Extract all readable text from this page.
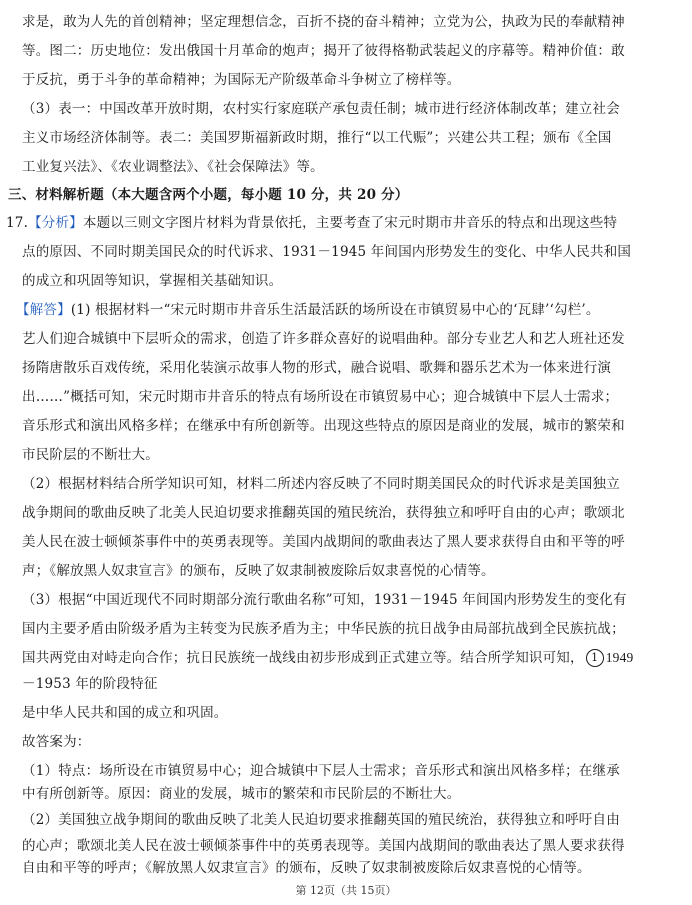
求是，敢为人先的首创精神；坚定理想信念，百折不挠的奋斗精神；立党为公，执政为民的奉献精神
等。图二：历史地位：发出俄国十月革命的炮声；揭开了彼得格勒武装起义的序幕等。精神价值：敢
于反抗，勇于斗争的革命精神；为国际无产阶级革命斗争树立了榜样等。
（3）表一：中国改革开放时期，农村实行家庭联产承包责任制；城市进行经济体制改革；建立社会
主义市场经济体制等。表二：美国罗斯福新政时期，推行“以工代赈”；兴建公共工程；颁布《全国
工业复兴法》、《农业调整法》、《社会保障法》等。
三、材料解析题（本大题含两个小题，每小题 10 分，共 20 分）
17.【分析】本题以三则文字图片材料为背景依托，主要考查了宋元时期市井音乐的特点和出现这些特
点的原因、不同时期美国民众的时代诉求、1931－1945 年间国内形势发生的变化、中华人民共和国
的成立和巩固等知识，掌握相关基础知识。
【解答】(1) 根据材料一“宋元时期市井音乐生活最活跃的场所设在市镇贸易中心的‘瓦肆’‘勾栏’。
艺人们迎合城镇中下层听众的需求，创造了许多群众喜好的说唱曲种。部分专业艺人和艺人班社还发
扬隋唐散乐百戏传统，采用化装演示故事人物的形式，融合说唱、歌舞和器乐艺术为一体来进行演
出……”概括可知，宋元时期市井音乐的特点有场所设在市镇贸易中心；迎合城镇中下层人士需求；
音乐形式和演出风格多样；在继承中有所创新等。出现这些特点的原因是商业的发展，城市的繁荣和
市民阶层的不断壮大。
（2）根据材料结合所学知识可知，材料二所述内容反映了不同时期美国民众的时代诉求是美国独立
战争期间的歌曲反映了北美人民迫切要求推翻英国的殖民统治，获得独立和呼吁自由的心声；歌颂北
美人民在波士顿倾茶事件中的英勇表现等。美国内战期间的歌曲表达了黑人要求获得自由和平等的呼
声；《解放黑人奴隶宣言》的颁布，反映了奴隶制被废除后奴隶喜悦的心情等。
（3）根据“中国近现代不同时期部分流行歌曲名称”可知，1931－1945 年间国内形势发生的变化有
国内主要矛盾由阶级矛盾为主转变为民族矛盾为主；中华民族的抗日战争由局部抗战到全民族抗战；
国共两党由对峙走向合作；抗日民族统一战线由初步形成到正式建立等。结合所学知识可知， 1 1949
－1953 年的阶段特征
是中华人民共和国的成立和巩固。
故答案为：
（1）特点：场所设在市镇贸易中心；迎合城镇中下层人士需求；音乐形式和演出风格多样；在继承
中有所创新等。原因：商业的发展，城市的繁荣和市民阶层的不断壮大。
（2）美国独立战争期间的歌曲反映了北美人民迫切要求推翻英国的殖民统治，获得独立和呼吁自由
的心声；歌颂北美人民在波士顿倾茶事件中的英勇表现等。美国内战期间的歌曲表达了黑人要求获得
自由和平等的呼声；《解放黑人奴隶宣言》的颁布，反映了奴隶制被废除后奴隶喜悦的心情等。
第 12页（共 15页）
